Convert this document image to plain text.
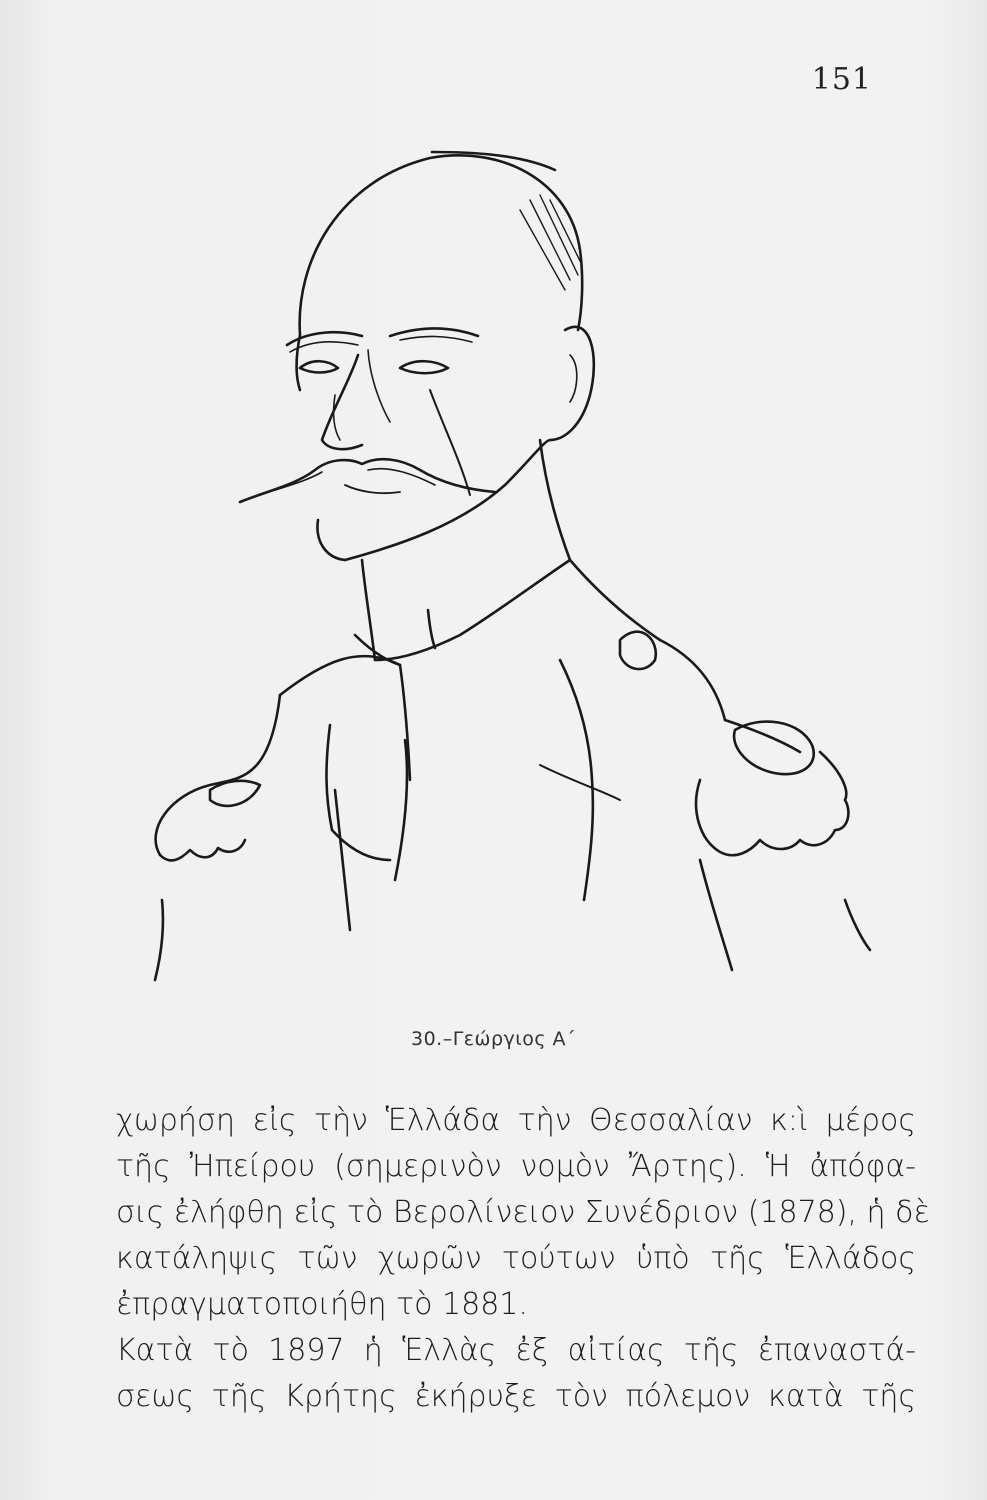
151
30.–Γεώργιος Α΄
χωρήση εἰς τὴν Ἑλλάδα τὴν Θεσσαλίαν κ:ὶ μέρος
τῆς Ἠπείρου (σημερινὸν νομὸν Ἄρτης). Ἡ ἀπόφα-
σις ἐλήφθη εἰς τὸ Βερολίνειον Συνέδριον (1878), ἡ δὲ
κατάληψις τῶν χωρῶν τούτων ὑπὸ τῆς Ἑλλάδος
ἐπραγματοποιήθη τὸ 1881.
Κατὰ τὸ 1897 ἡ Ἑλλὰς ἐξ αἰτίας τῆς ἐπαναστά-
σεως τῆς Κρήτης ἐκήρυξε τὸν πόλεμον κατὰ τῆς
